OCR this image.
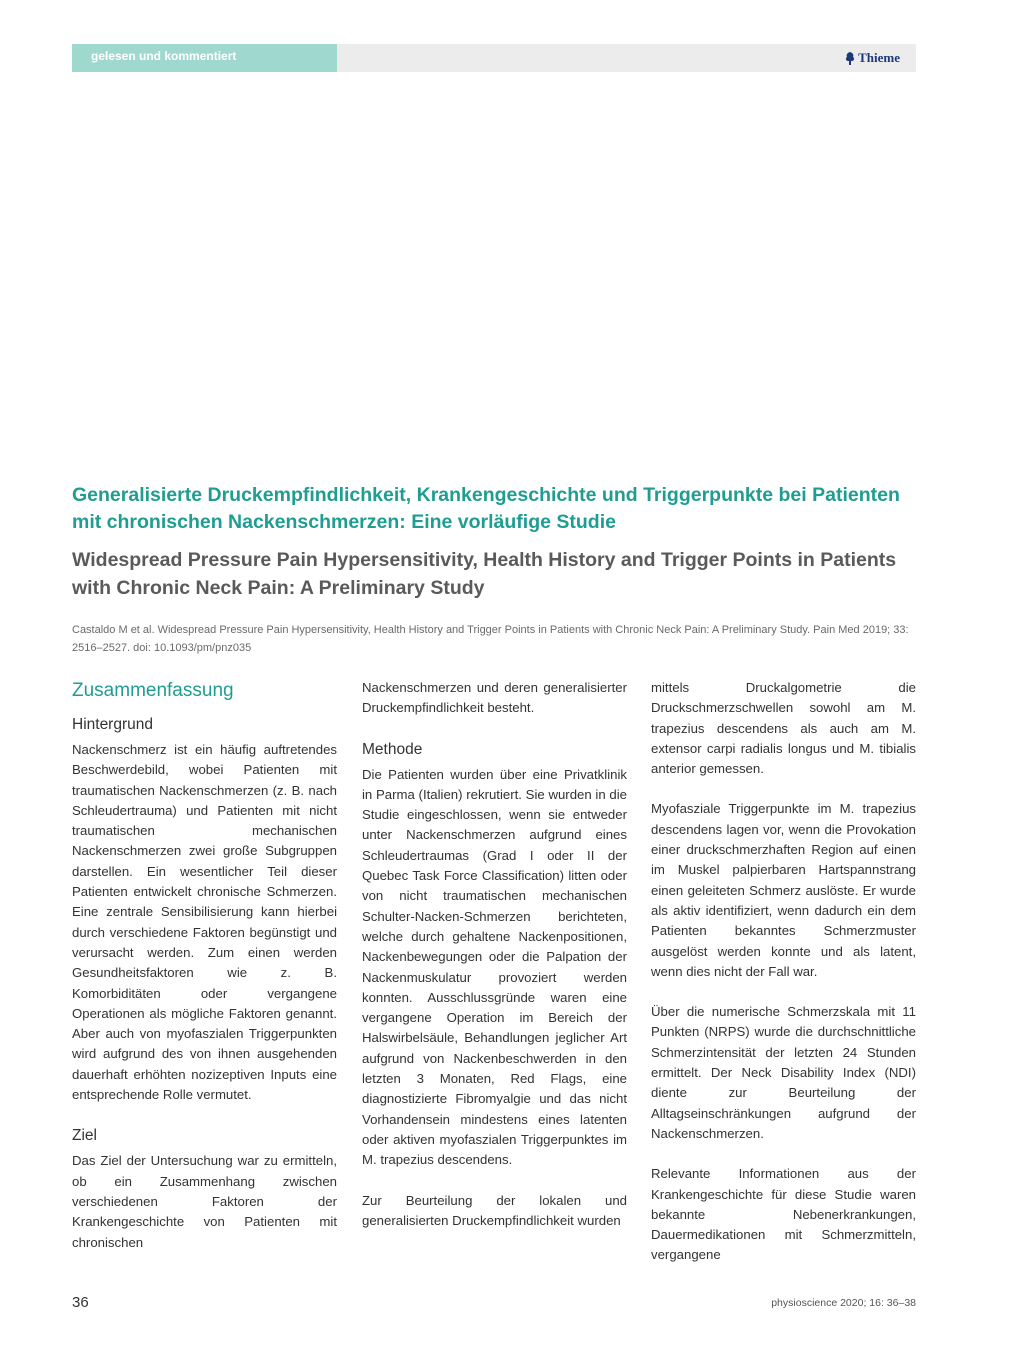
gelesen und kommentiert	Thieme
Generalisierte Druckempfindlichkeit, Krankengeschichte und Triggerpunkte bei Patienten mit chronischen Nackenschmerzen: Eine vorläufige Studie
Widespread Pressure Pain Hypersensitivity, Health History and Trigger Points in Patients with Chronic Neck Pain: A Preliminary Study
Castaldo M et al. Widespread Pressure Pain Hypersensitivity, Health History and Trigger Points in Patients with Chronic Neck Pain: A Preliminary Study. Pain Med 2019; 33: 2516–2527. doi: 10.1093/pm/pnz035
Zusammenfassung
Hintergrund

Nackenschmerz ist ein häufig auftretendes Beschwerdebild, wobei Patienten mit traumatischen Nackenschmerzen (z. B. nach Schleudertrauma) und Patienten mit nicht traumatischen mechanischen Nackenschmerzen zwei große Subgruppen darstellen. Ein wesentlicher Teil dieser Patienten entwickelt chronische Schmerzen. Eine zentrale Sensibilisierung kann hierbei durch verschiedene Faktoren begünstigt und verursacht werden. Zum einen werden Gesundheitsfaktoren wie z. B. Komorbiditäten oder vergangene Operationen als mögliche Faktoren genannt. Aber auch von myofaszialen Triggerpunkten wird aufgrund des von ihnen ausgehenden dauerhaft erhöhten nozizeptiven Inputs eine entsprechende Rolle vermutet.

Ziel

Das Ziel der Untersuchung war zu ermitteln, ob ein Zusammenhang zwischen verschiedenen Faktoren der Krankengeschichte von Patienten mit chronischen

Nackenschmerzen und deren generalisierter Druckempfindlichkeit besteht.

Methode

Die Patienten wurden über eine Privatklinik in Parma (Italien) rekrutiert. Sie wurden in die Studie eingeschlossen, wenn sie entweder unter Nackenschmerzen aufgrund eines Schleudertraumas (Grad I oder II der Quebec Task Force Classification) litten oder von nicht traumatischen mechanischen Schulter-Nacken-Schmerzen berichteten, welche durch gehaltene Nackenpositionen, Nackenbewegungen oder die Palpation der Nackenmuskulatur provoziert werden konnten. Ausschlussgründe waren eine vergangene Operation im Bereich der Halswirbelsäule, Behandlungen jeglicher Art aufgrund von Nackenbeschwerden in den letzten 3 Monaten, Red Flags, eine diagnostizierte Fibromyalgie und das nicht Vorhandensein mindestens eines latenten oder aktiven myofaszialen Triggerpunktes im M. trapezius descendens.

Zur Beurteilung der lokalen und generalisierten Druckempfindlichkeit wurden

mittels Druckalgometrie die Druckschmerzschwellen sowohl am M. trapezius descendens als auch am M. extensor carpi radialis longus und M. tibialis anterior gemessen.

Myofasziale Triggerpunkte im M. trapezius descendens lagen vor, wenn die Provokation einer druckschmerzhaften Region auf einen im Muskel palpierbaren Hartspannstrang einen geleiteten Schmerz auslöste. Er wurde als aktiv identifiziert, wenn dadurch ein dem Patienten bekanntes Schmerzmuster ausgelöst werden konnte und als latent, wenn dies nicht der Fall war.

Über die numerische Schmerzskala mit 11 Punkten (NRPS) wurde die durchschnittliche Schmerzintensität der letzten 24 Stunden ermittelt. Der Neck Disability Index (NDI) diente zur Beurteilung der Alltagseinschränkungen aufgrund der Nackenschmerzen.

Relevante Informationen aus der Krankengeschichte für diese Studie waren bekannte Nebenerkrankungen, Dauermedikationen mit Schmerzmitteln, vergangene

36	physioscience 2020; 16: 36–38
